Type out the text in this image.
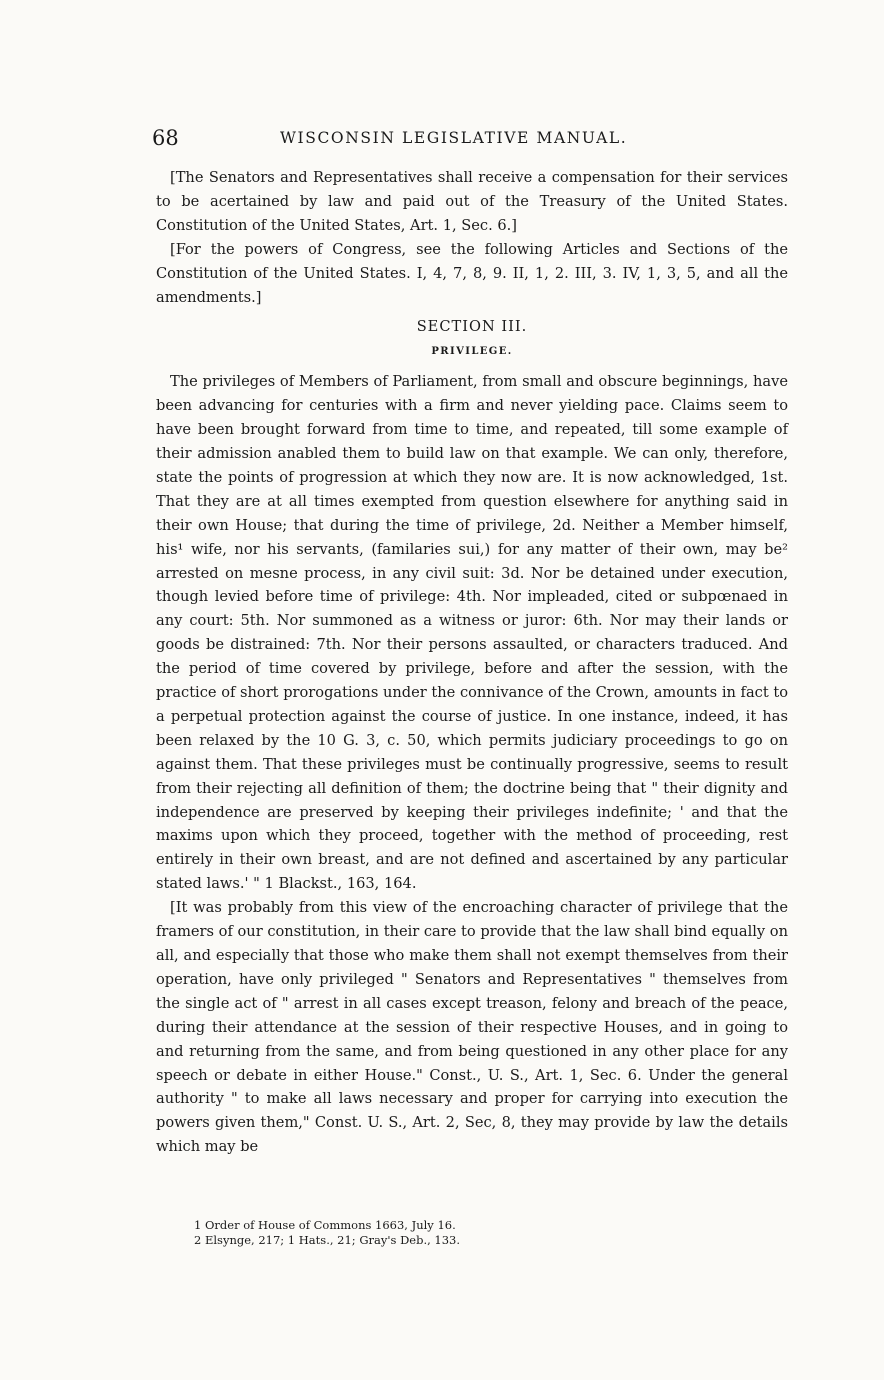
68	WISCONSIN LEGISLATIVE MANUAL.

[The Senators and Representatives shall receive a compensation for their services to be acertained by law and paid out of the Treasury of the United States. Constitution of the United States, Art. 1, Sec. 6.]

[For the powers of Congress, see the following Articles and Sections of the Constitution of the United States. I, 4, 7, 8, 9. II, 1, 2. III, 3. IV, 1, 3, 5, and all the amendments.]

SECTION III.
PRIVILEGE.

The privileges of Members of Parliament, from small and obscure beginnings, have been advancing for centuries with a firm and never yielding pace. Claims seem to have been brought forward from time to time, and repeated, till some example of their admission anabled them to build law on that example. We can only, therefore, state the points of progression at which they now are. It is now acknowledged, 1st. That they are at all times exempted from question elsewhere for anything said in their own House; that during the time of privilege, 2d. Neither a Member himself, his¹ wife, nor his servants, (familaries sui,) for any matter of their own, may be² arrested on mesne process, in any civil suit: 3d. Nor be detained under execution, though levied before time of privilege: 4th. Nor impleaded, cited or subpœnaed in any court: 5th. Nor summoned as a witness or juror: 6th. Nor may their lands or goods be distrained: 7th. Nor their persons assaulted, or characters traduced. And the period of time covered by privilege, before and after the session, with the practice of short prorogations under the connivance of the Crown, amounts in fact to a perpetual protection against the course of justice. In one instance, indeed, it has been relaxed by the 10 G. 3, c. 50, which permits judiciary proceedings to go on against them. That these privileges must be continually progressive, seems to result from their rejecting all definition of them; the doctrine being that " their dignity and independence are preserved by keeping their privileges indefinite; ' and that the maxims upon which they proceed, together with the method of proceeding, rest entirely in their own breast, and are not defined and ascertained by any particular stated laws.' " 1 Blackst., 163, 164.

[It was probably from this view of the encroaching character of privilege that the framers of our constitution, in their care to provide that the law shall bind equally on all, and especially that those who make them shall not exempt themselves from their operation, have only privileged " Senators and Representatives " themselves from the single act of " arrest in all cases except treason, felony and breach of the peace, during their attendance at the session of their respective Houses, and in going to and returning from the same, and from being questioned in any other place for any speech or debate in either House." Const., U. S., Art. 1, Sec. 6. Under the general authority " to make all laws necessary and proper for carrying into execution the powers given them," Const. U. S., Art. 2, Sec, 8, they may provide by law the details which may be

1 Order of House of Commons 1663, July 16.
2 Elsynge, 217; 1 Hats., 21; Gray's Deb., 133.
